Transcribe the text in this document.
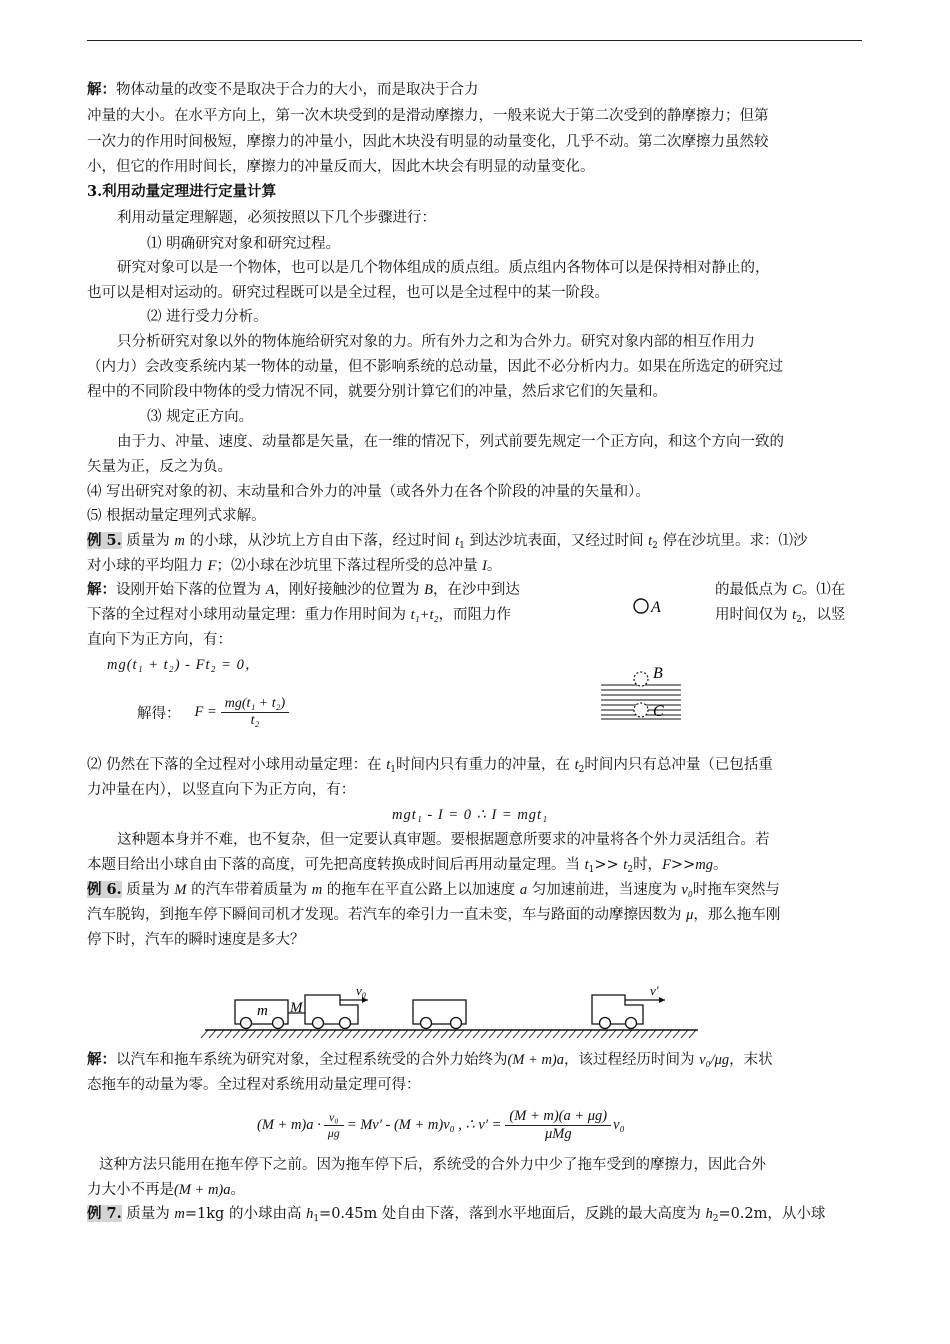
解：物体动量的改变不是取决于合力的大小，而是取决于合力
冲量的大小。在水平方向上，第一次木块受到的是滑动摩擦力，一般来说大于第二次受到的静摩擦力；但第
一次力的作用时间极短，摩擦力的冲量小，因此木块没有明显的动量变化，几乎不动。第二次摩擦力虽然较
小，但它的作用时间长，摩擦力的冲量反而大，因此木块会有明显的动量变化。
3.利用动量定理进行定量计算
利用动量定理解题，必须按照以下几个步骤进行：
⑴ 明确研究对象和研究过程。
研究对象可以是一个物体，也可以是几个物体组成的质点组。质点组内各物体可以是保持相对静止的，
也可以是相对运动的。研究过程既可以是全过程，也可以是全过程中的某一阶段。
⑵ 进行受力分析。
只分析研究对象以外的物体施给研究对象的力。所有外力之和为合外力。研究对象内部的相互作用力
（内力）会改变系统内某一物体的动量，但不影响系统的总动量，因此不必分析内力。如果在所选定的研究过
程中的不同阶段中物体的受力情况不同，就要分别计算它们的冲量，然后求它们的矢量和。
⑶ 规定正方向。
由于力、冲量、速度、动量都是矢量，在一维的情况下，列式前要先规定一个正方向，和这个方向一致的
矢量为正，反之为负。
⑷ 写出研究对象的初、末动量和合外力的冲量（或各外力在各个阶段的冲量的矢量和）。
⑸ 根据动量定理列式求解。
例 5. 质量为 m 的小球，从沙坑上方自由下落，经过时间 $t_1$ 到达沙坑表面，又经过时间 $t_2$ 停在沙坑里。求：⑴沙
对小球的平均阻力 F；⑵小球在沙坑里下落过程所受的总冲量 I。
解：设刚开始下落的位置为 A，刚好接触沙的位置为 B，在沙中到达	的最低点为 C。⑴在
下落的全过程对小球用动量定理：重力作用时间为 t₁+t₂，而阻力作	用时间仅为 $t_2$，以竖
直向下为正方向，有：
mg(t₁ + t₂) - Ft₂ = 0，
解得： $F = \frac{\text{mg(t₁ + t₂)}}{\text{t₂}}$
⑵ 仍然在下落的全过程对小球用动量定理：在 $t_1$时间内只有重力的冲量，在 $t_2$时间内只有总冲量（已包括重
力冲量在内），以竖直向下为正方向，有：
mgt₁ - I = 0 ∴ I = mgt₁
这种题本身并不难，也不复杂，但一定要认真审题。要根据题意所要求的冲量将各个外力灵活组合。若
本题目给出小球自由下落的高度，可先把高度转换成时间后再用动量定理。当 $t_1>> t_2$时，F>>mg。
例 6. 质量为 M 的汽车带着质量为 m 的拖车在平直公路上以加速度 a 匀加速前进，当速度为 v₀时拖车突然与
汽车脱钩，到拖车停下瞬间司机才发现。若汽车的牵引力一直未变，车与路面的动摩擦因数为 μ，那么拖车刚
停下时，汽车的瞬时速度是多大？
解：以汽车和拖车系统为研究对象，全过程系统受的合外力始终为(M + m)a，该过程经历时间为 v₀/μg，末状
态拖车的动量为零。全过程对系统用动量定理可得：
$(M + m)a \cdot \frac{\text{v₀}}{\mu g} = Mv' - (M + m)v_0$ , ∴ $v' = \frac{(M + m)(a + \mu g)}{\text{μMg}} v_0$
这种方法只能用在拖车停下之前。因为拖车停下后，系统受的合外力中少了拖车受到的摩擦力，因此合外
力大小不再是(M + m)a。
例 7. 质量为 m=1kg 的小球由高 $h_1=0.45m$ 处自由下落，落到水平地面后，反跳的最大高度为 $h_2=0.2m$，从小球
A
B
C
m M
$v_0$	v′
